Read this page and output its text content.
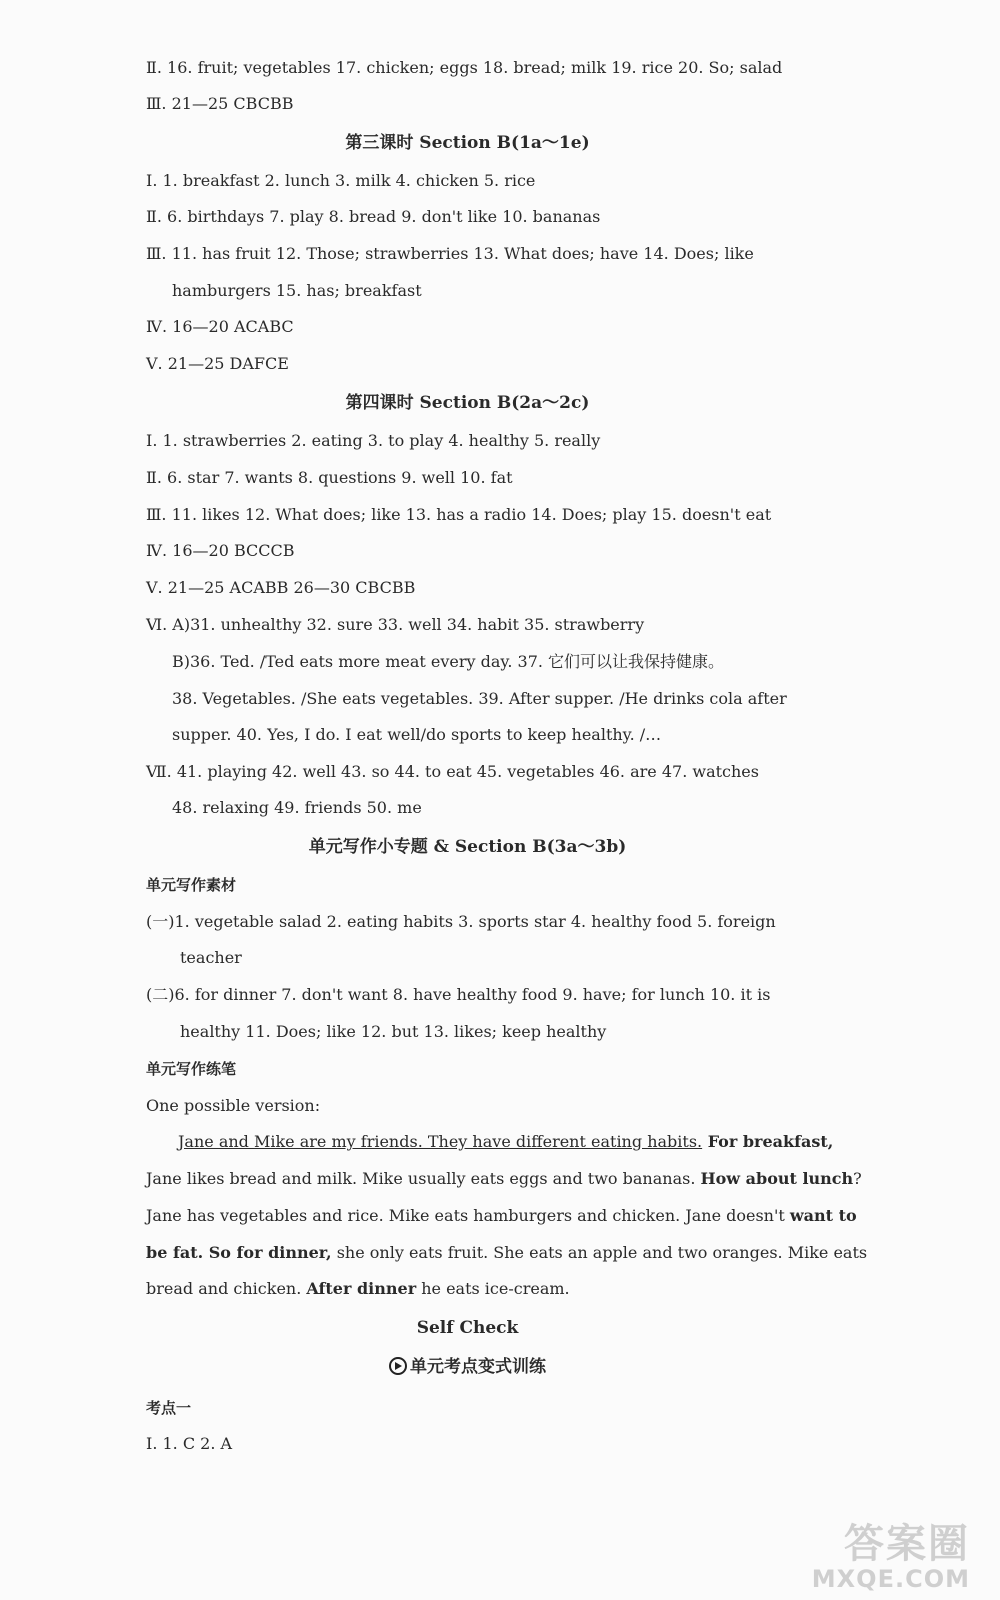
Ⅱ. 16. fruit; vegetables 17. chicken; eggs 18. bread; milk 19. rice 20. So; salad
Ⅲ. 21—25 CBCBB
第三课时 Section B(1a～1e)
Ⅰ. 1. breakfast 2. lunch 3. milk 4. chicken 5. rice
Ⅱ. 6. birthdays 7. play 8. bread 9. don't like 10. bananas
Ⅲ. 11. has fruit 12. Those; strawberries 13. What does; have 14. Does; like
hamburgers 15. has; breakfast
Ⅳ. 16—20 ACABC
Ⅴ. 21—25 DAFCE
第四课时 Section B(2a～2c)
Ⅰ. 1. strawberries 2. eating 3. to play 4. healthy 5. really
Ⅱ. 6. star 7. wants 8. questions 9. well 10. fat
Ⅲ. 11. likes 12. What does; like 13. has a radio 14. Does; play 15. doesn't eat
Ⅳ. 16—20 BCCCB
Ⅴ. 21—25 ACABB 26—30 CBCBB
Ⅵ. A)31. unhealthy 32. sure 33. well 34. habit 35. strawberry
B)36. Ted. /Ted eats more meat every day. 37. 它们可以让我保持健康。
38. Vegetables. /She eats vegetables. 39. After supper. /He drinks cola after
supper. 40. Yes, I do. I eat well/do sports to keep healthy. /…
Ⅶ. 41. playing 42. well 43. so 44. to eat 45. vegetables 46. are 47. watches
48. relaxing 49. friends 50. me
单元写作小专题 & Section B(3a～3b)
单元写作素材
(一)1. vegetable salad 2. eating habits 3. sports star 4. healthy food 5. foreign
teacher
(二)6. for dinner 7. don't want 8. have healthy food 9. have; for lunch 10. it is
healthy 11. Does; like 12. but 13. likes; keep healthy
单元写作练笔
One possible version:
Jane and Mike are my friends. They have different eating habits. For breakfast,
Jane likes bread and milk. Mike usually eats eggs and two bananas. How about lunch?
Jane has vegetables and rice. Mike eats hamburgers and chicken. Jane doesn't want to
be fat. So for dinner, she only eats fruit. She eats an apple and two oranges. Mike eats
bread and chicken. After dinner he eats ice-cream.
Self Check
单元考点变式训练
考点一
Ⅰ. 1. C 2. A
答案圈
MXQE.COM
